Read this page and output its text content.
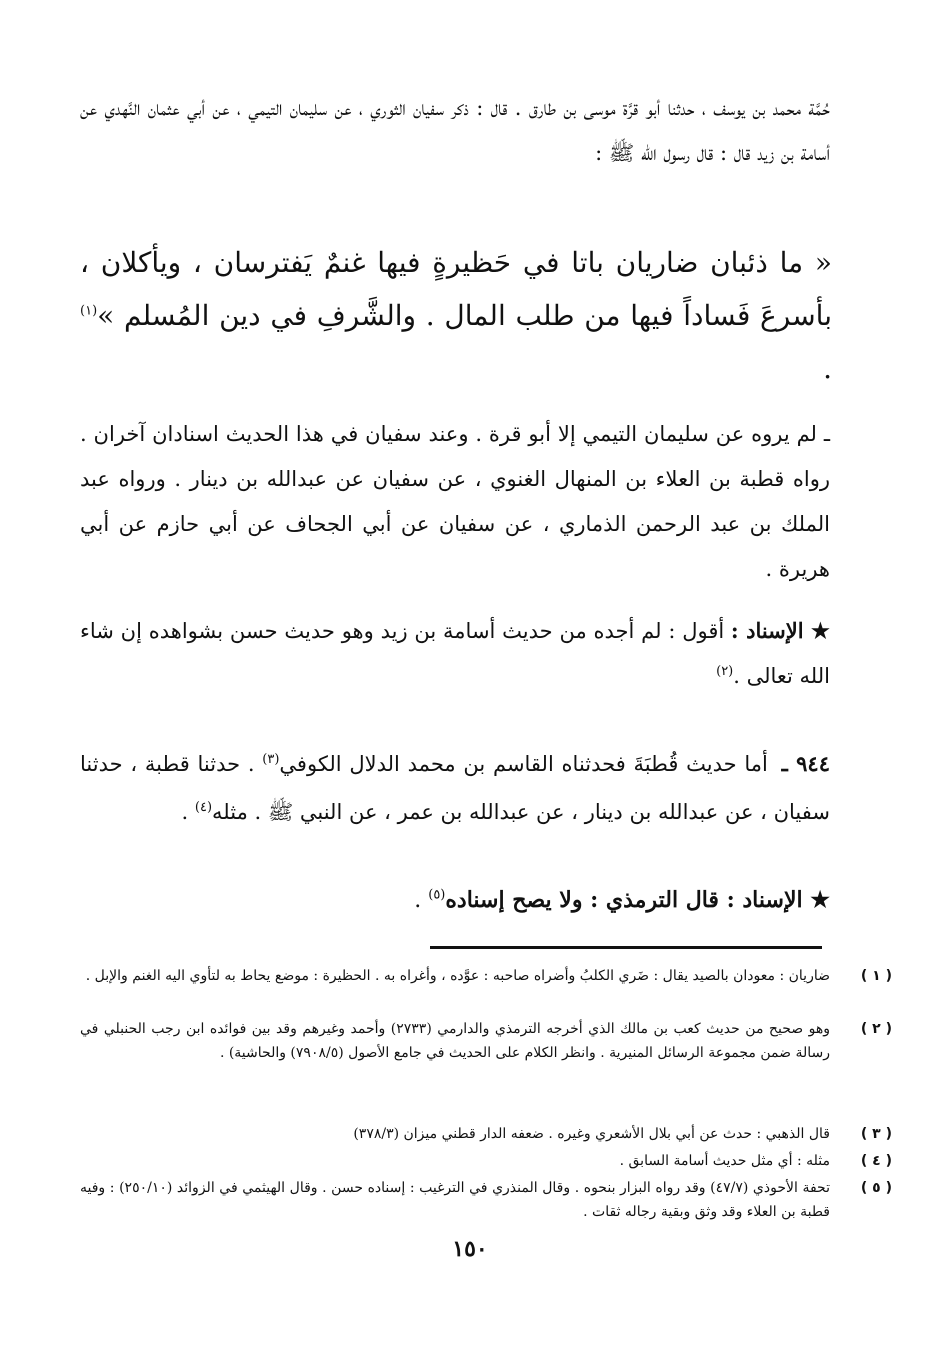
حُمَّة محمد بن يوسف ، حدثنا أبو قرَّة موسى بن طارق . قال : ذكر سفيان الثوري ، عن سليمان التيمي ، عن أبي عثمان النَّهدي عن أسامة بن زيد قال : قال رسول الله ﷺ :

« ما ذئبان ضاريان باتا في حَظيرةٍ فيها غنمٌ يَفترسان ، ويأكلان ، بأسرعَ فَساداً فيها من طلب المال . والشَّرفِ في دين المُسلم »$^{(١)}$ .

ـ لم يروه عن سليمان التيمي إلا أبو قرة . وعند سفيان في هذا الحديث اسنادان آخران . رواه قطبة بن العلاء بن المنهال الغنوي ، عن سفيان عن عبدالله بن دينار . ورواه عبد الملك بن عبد الرحمن الذماري ، عن سفيان عن أبي الجحاف عن أبي حازم عن أبي هريرة .

★ الإسناد : أقول : لم أجده من حديث أسامة بن زيد وهو حديث حسن بشواهده إن شاء الله تعالى .$^{(٢)}$

٩٤٤ ـ أما حديث قُطبَةَ فحدثناه القاسم بن محمد الدلال الكوفي$^{(٣)}$ . حدثنا قطبة ، حدثنا سفيان ، عن عبدالله بن دينار ، عن عبدالله بن عمر ، عن النبي ﷺ . مثله$^{(٤)}$ .

★ الإسناد : قال الترمذي : ولا يصح إسناده$^{(٥)}$ .

( ١ )
ضاريان : معودان بالصيد يقال : ضَري الكلبُ وأضراه صاحبه : عوَّده ، وأغراه به . الحظيرة : موضع يحاط به لتأوي اليه الغنم والإبل .
( ٢ )
وهو صحيح من حديث كعب بن مالك الذي أخرجه الترمذي والدارمي (٢٧٣٣) وأحمد وغيرهم وقد بين فوائده ابن رجب الحنبلي في رسالة ضمن مجموعة الرسائل المنيرية . وانظر الكلام على الحديث في جامع الأصول (٧٩٠٨/٥) والحاشية) .
( ٣ )
قال الذهبي : حدث عن أبي بلال الأشعري وغيره . ضعفه الدار قطني ميزان (٣٧٨/٣)
( ٤ )
مثله : أي مثل حديث أسامة السابق .
( ٥ )
تحفة الأحوذي (٤٧/٧) وقد رواه البزار بنحوه . وقال المنذري في الترغيب : إسناده حسن . وقال الهيثمي في الزوائد (٢٥٠/١٠) : وفيه قطبة بن العلاء وقد وثق وبقية رجاله ثقات .
١٥٠
